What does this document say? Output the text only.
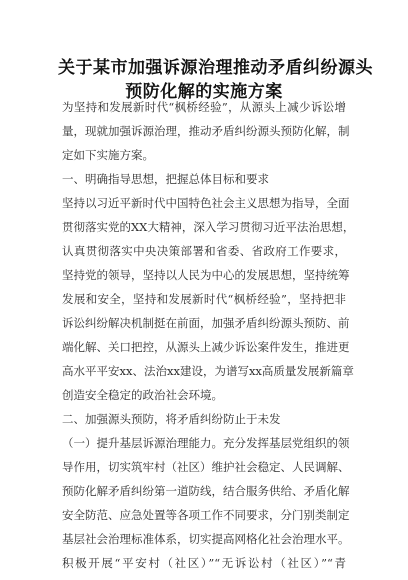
关于某市加强诉源治理推动矛盾纠纷源头
预防化解的实施方案

为坚持和发展新时代“枫桥经验”，从源头上减少诉讼增

量，现就加强诉源治理，推动矛盾纠纷源头预防化解，制

定如下实施方案。

一、明确指导思想，把握总体目标和要求

坚持以习近平新时代中国特色社会主义思想为指导，全面

贯彻落实党的XX大精神，深入学习贯彻习近平法治思想，

认真贯彻落实中央决策部署和省委、省政府工作要求，

坚持党的领导，坚持以人民为中心的发展思想，坚持统筹

发展和安全，坚持和发展新时代“枫桥经验”，坚持把非

诉讼纠纷解决机制挺在前面，加强矛盾纠纷源头预防、前

端化解、关口把控，从源头上减少诉讼案件发生，推进更

高水平平安xx、法治xx建设，为谱写xx高质量发展新篇章

创造安全稳定的政治社会环境。

二、加强源头预防，将矛盾纠纷防止于未发

（一）提升基层诉源治理能力。充分发挥基层党组织的领

导作用，切实筑牢村（社区）维护社会稳定、人民调解、

预防化解矛盾纠纷第一道防线，结合服务供给、矛盾化解

安全防范、应急处置等各项工作不同要求，分门别类制定

基层社会治理标准体系，切实提高网格化社会治理水平。

积极开展“平安村（社区）”“无诉讼村（社区）”“青
